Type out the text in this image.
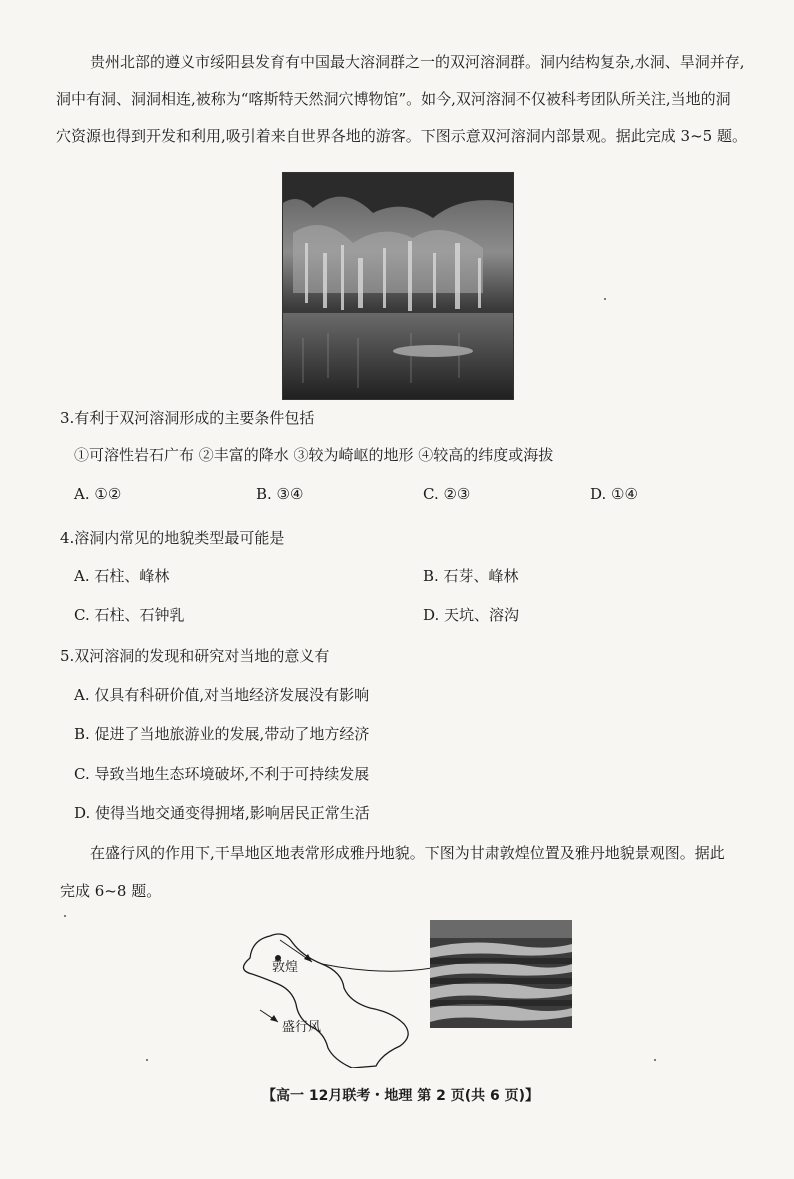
贵州北部的遵义市绥阳县发育有中国最大溶洞群之一的双河溶洞群。洞内结构复杂,水洞、旱洞并存,
洞中有洞、洞洞相连,被称为“喀斯特天然洞穴博物馆”。如今,双河溶洞不仅被科考团队所关注,当地的洞
穴资源也得到开发和利用,吸引着来自世界各地的游客。下图示意双河溶洞内部景观。据此完成 3~5 题。
3.有利于双河溶洞形成的主要条件包括
①可溶性岩石广布 ②丰富的降水 ③较为崎岖的地形 ④较高的纬度或海拔
A. ①②	B. ③④	C. ②③	D. ①④
4.溶洞内常见的地貌类型最可能是
A. 石柱、峰林	B. 石芽、峰林
C. 石柱、石钟乳	D. 天坑、溶沟
5.双河溶洞的发现和研究对当地的意义有
A. 仅具有科研价值,对当地经济发展没有影响
B. 促进了当地旅游业的发展,带动了地方经济
C. 导致当地生态环境破坏,不利于可持续发展
D. 使得当地交通变得拥堵,影响居民正常生活
在盛行风的作用下,干旱地区地表常形成雅丹地貌。下图为甘肃敦煌位置及雅丹地貌景观图。据此
完成 6~8 题。
敦煌
盛行风
【高一 12月联考・地理 第 2 页(共 6 页)】
